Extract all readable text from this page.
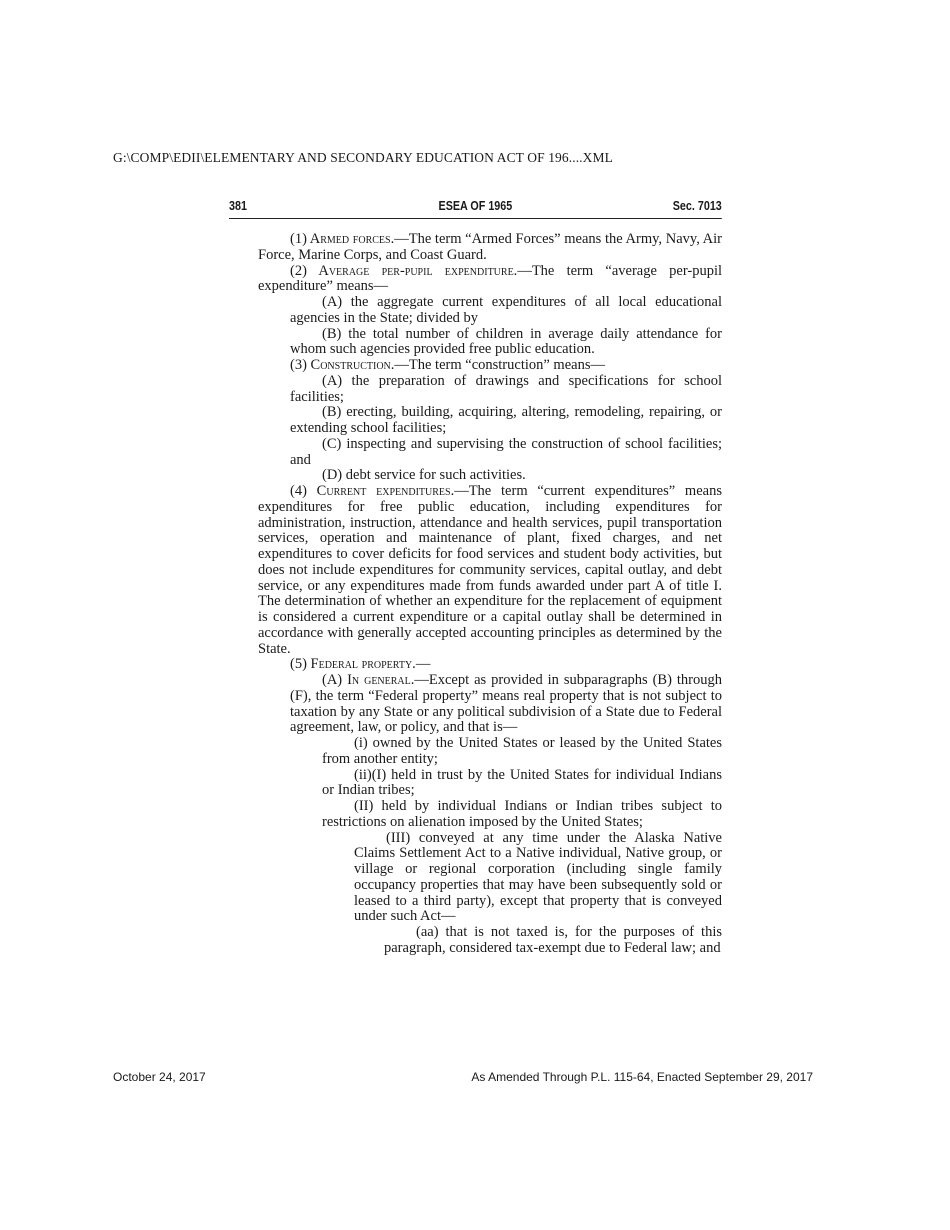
G:\COMP\EDII\ELEMENTARY AND SECONDARY EDUCATION ACT OF 196....XML
381	ESEA OF 1965	Sec. 7013

(1) Armed forces.—The term “Armed Forces” means the Army, Navy, Air Force, Marine Corps, and Coast Guard.

(2) Average per-pupil expenditure.—The term “average per-pupil expenditure” means—

(A) the aggregate current expenditures of all local educational agencies in the State; divided by

(B) the total number of children in average daily attendance for whom such agencies provided free public education.

(3) Construction.—The term “construction” means—

(A) the preparation of drawings and specifications for school facilities;

(B) erecting, building, acquiring, altering, remodeling, repairing, or extending school facilities;

(C) inspecting and supervising the construction of school facilities; and

(D) debt service for such activities.

(4) Current expenditures.—The term “current expenditures” means expenditures for free public education, including expenditures for administration, instruction, attendance and health services, pupil transportation services, operation and maintenance of plant, fixed charges, and net expenditures to cover deficits for food services and student body activities, but does not include expenditures for community services, capital outlay, and debt service, or any expenditures made from funds awarded under part A of title I. The determination of whether an expenditure for the replacement of equipment is considered a current expenditure or a capital outlay shall be determined in accordance with generally accepted accounting principles as determined by the State.

(5) Federal property.—

(A) In general.—Except as provided in subparagraphs (B) through (F), the term “Federal property” means real property that is not subject to taxation by any State or any political subdivision of a State due to Federal agreement, law, or policy, and that is—

(i) owned by the United States or leased by the United States from another entity;

(ii)(I) held in trust by the United States for individual Indians or Indian tribes;

(II) held by individual Indians or Indian tribes subject to restrictions on alienation imposed by the United States;

(III) conveyed at any time under the Alaska Native Claims Settlement Act to a Native individual, Native group, or village or regional corporation (including single family occupancy properties that may have been subsequently sold or leased to a third party), except that property that is conveyed under such Act—

(aa) that is not taxed is, for the purposes of this paragraph, considered tax-exempt due to Federal law; and

October 24, 2017	As Amended Through P.L. 115-64, Enacted September 29, 2017
